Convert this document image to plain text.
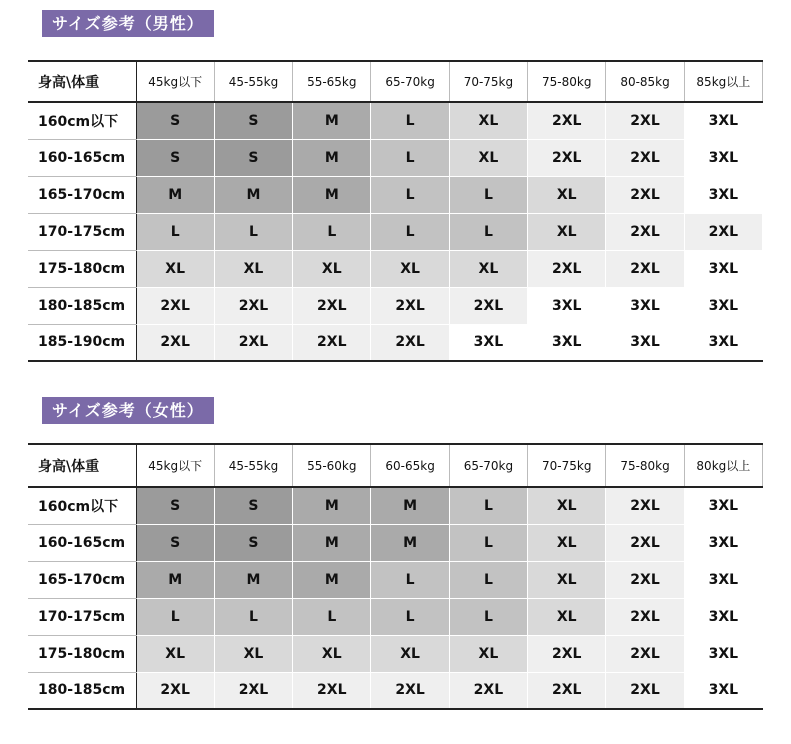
サイズ参考（男性）
身高\体重	45kg以下	45-55kg	55-65kg	65-70kg	70-75kg	75-80kg	80-85kg	85kg以上
160cm以下	S	S	M	L	XL	2XL	2XL	3XL
160-165cm	S	S	M	L	XL	2XL	2XL	3XL
165-170cm	M	M	M	L	L	XL	2XL	3XL
170-175cm	L	L	L	L	L	XL	2XL	2XL
175-180cm	XL	XL	XL	XL	XL	2XL	2XL	3XL
180-185cm	2XL	2XL	2XL	2XL	2XL	3XL	3XL	3XL
185-190cm	2XL	2XL	2XL	2XL	3XL	3XL	3XL	3XL
サイズ参考（女性）
身高\体重	45kg以下	45-55kg	55-60kg	60-65kg	65-70kg	70-75kg	75-80kg	80kg以上
160cm以下	S	S	M	M	L	XL	2XL	3XL
160-165cm	S	S	M	M	L	XL	2XL	3XL
165-170cm	M	M	M	L	L	XL	2XL	3XL
170-175cm	L	L	L	L	L	XL	2XL	3XL
175-180cm	XL	XL	XL	XL	XL	2XL	2XL	3XL
180-185cm	2XL	2XL	2XL	2XL	2XL	2XL	2XL	3XL
